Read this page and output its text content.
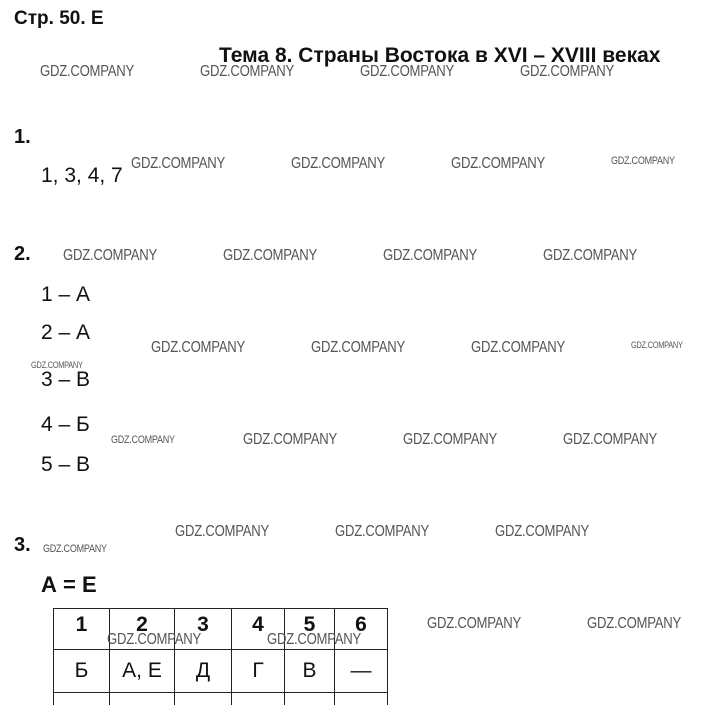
Стр. 50. Е
Тема 8. Страны Востока в XVI – XVIII веках
GDZ.COMPANY	GDZ.COMPANY	GDZ.COMPANY	GDZ.COMPANY
1.
1, 3, 4, 7
GDZ.COMPANY	GDZ.COMPANY	GDZ.COMPANY	GDZ.COMPANY
2. GDZ.COMPANY	GDZ.COMPANY	GDZ.COMPANY	GDZ.COMPANY
1 – А
2 – А
GDZ.COMPANY	GDZ.COMPANY	GDZ.COMPANY	GDZ.COMPANY
GDZ.COMPANY
3 – В
4 – Б
GDZ.COMPANY	GDZ.COMPANY	GDZ.COMPANY	GDZ.COMPANY
5 – В
GDZ.COMPANY	GDZ.COMPANY	GDZ.COMPANY
3. GDZ.COMPANY
А = Е
1	2	3	4	5	6
Б	А, Е	Д	Г	В	—

GDZ.COMPANY	GDZ.COMPANY
GDZ.COMPANY	GDZ.COMPANY
